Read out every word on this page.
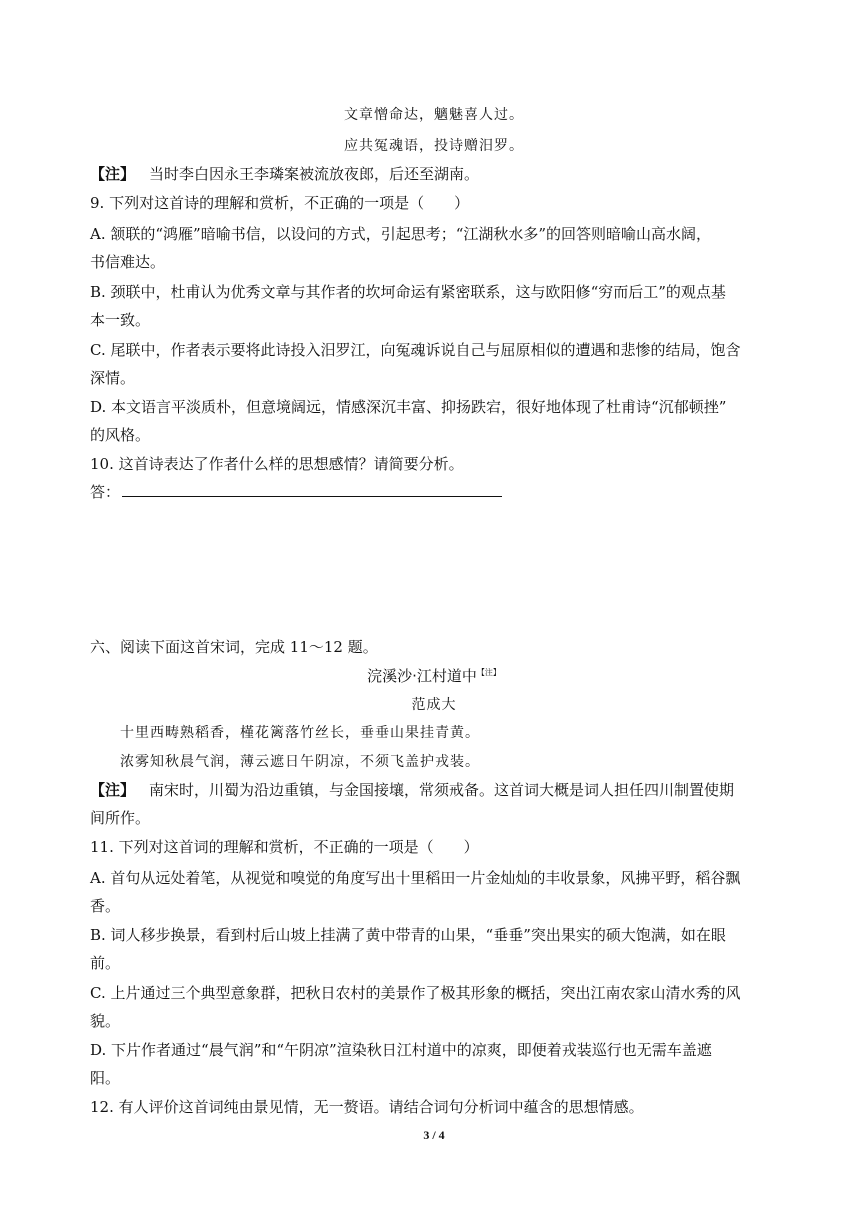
文章憎命达，魑魅喜人过。
应共冤魂语，投诗赠汨罗。
【注】 当时李白因永王李璘案被流放夜郎，后还至湖南。
9. 下列对这首诗的理解和赏析，不正确的一项是（　　）
A. 颔联的“鸿雁”暗喻书信，以设问的方式，引起思考；“江湖秋水多”的回答则暗喻山高水阔，
书信难达。
B. 颈联中，杜甫认为优秀文章与其作者的坎坷命运有紧密联系，这与欧阳修“穷而后工”的观点基
本一致。
C. 尾联中，作者表示要将此诗投入汨罗江，向冤魂诉说自己与屈原相似的遭遇和悲惨的结局，饱含
深情。
D. 本文语言平淡质朴，但意境阔远，情感深沉丰富、抑扬跌宕，很好地体现了杜甫诗“沉郁顿挫”
的风格。
10. 这首诗表达了作者什么样的思想感情？请简要分析。
答：
六、阅读下面这首宋词，完成 11～12 题。
浣溪沙·江村道中$^{【注】}$
范成大
十里西畴熟稻香，槿花篱落竹丝长，垂垂山果挂青黄。
浓雾知秋晨气润，薄云遮日午阴凉，不须飞盖护戎装。
【注】 南宋时，川蜀为沿边重镇，与金国接壤，常须戒备。这首词大概是词人担任四川制置使期
间所作。
11. 下列对这首词的理解和赏析，不正确的一项是（　　）
A. 首句从远处着笔，从视觉和嗅觉的角度写出十里稻田一片金灿灿的丰收景象，风拂平野，稻谷飘
香。
B. 词人移步换景，看到村后山坡上挂满了黄中带青的山果，“垂垂”突出果实的硕大饱满，如在眼
前。
C. 上片通过三个典型意象群，把秋日农村的美景作了极其形象的概括，突出江南农家山清水秀的风
貌。
D. 下片作者通过“晨气润”和“午阴凉”渲染秋日江村道中的凉爽，即便着戎装巡行也无需车盖遮
阳。
12. 有人评价这首词纯由景见情，无一赘语。请结合词句分析词中蕴含的思想情感。
3 / 4
